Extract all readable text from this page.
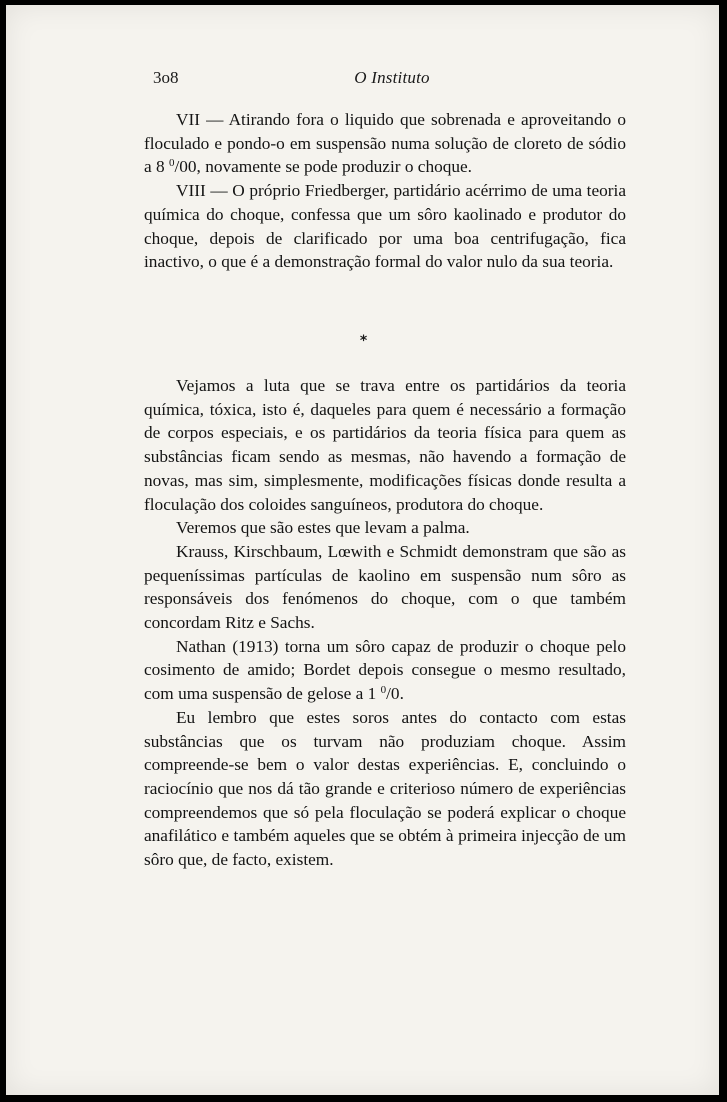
3o8	O Instituto

VII — Atirando fora o liquido que sobrenada e aproveitando o floculado e pondo-o em suspensão numa solução de cloreto de sódio a 8 $^0$/00, novamente se pode produzir o choque.

VIII — O próprio Friedberger, partidário acérrimo de uma teoria química do choque, confessa que um sôro kaolinado e produtor do choque, depois de clarificado por uma boa centrifugação, fica inactivo, o que é a demonstração formal do valor nulo da sua teoria.

*

Vejamos a luta que se trava entre os partidários da teoria química, tóxica, isto é, daqueles para quem é necessário a formação de corpos especiais, e os partidários da teoria física para quem as substâncias ficam sendo as mesmas, não havendo a formação de novas, mas sim, simplesmente, modificações físicas donde resulta a floculação dos coloides sanguíneos, produtora do choque.

Veremos que são estes que levam a palma.

Krauss, Kirschbaum, Lœwith e Schmidt demonstram que são as pequeníssimas partículas de kaolino em suspensão num sôro as responsáveis dos fenómenos do choque, com o que também concordam Ritz e Sachs.

Nathan (1913) torna um sôro capaz de produzir o choque pelo cosimento de amido; Bordet depois consegue o mesmo resultado, com uma suspensão de gelose a 1 $^0$/0.

Eu lembro que estes soros antes do contacto com estas substâncias que os turvam não produziam choque. Assim compreende-se bem o valor destas experiências. E, concluindo o raciocínio que nos dá tão grande e criterioso número de experiências compreendemos que só pela floculação se poderá explicar o choque anafilático e também aqueles que se obtém à primeira injecção de um sôro que, de facto, existem.
